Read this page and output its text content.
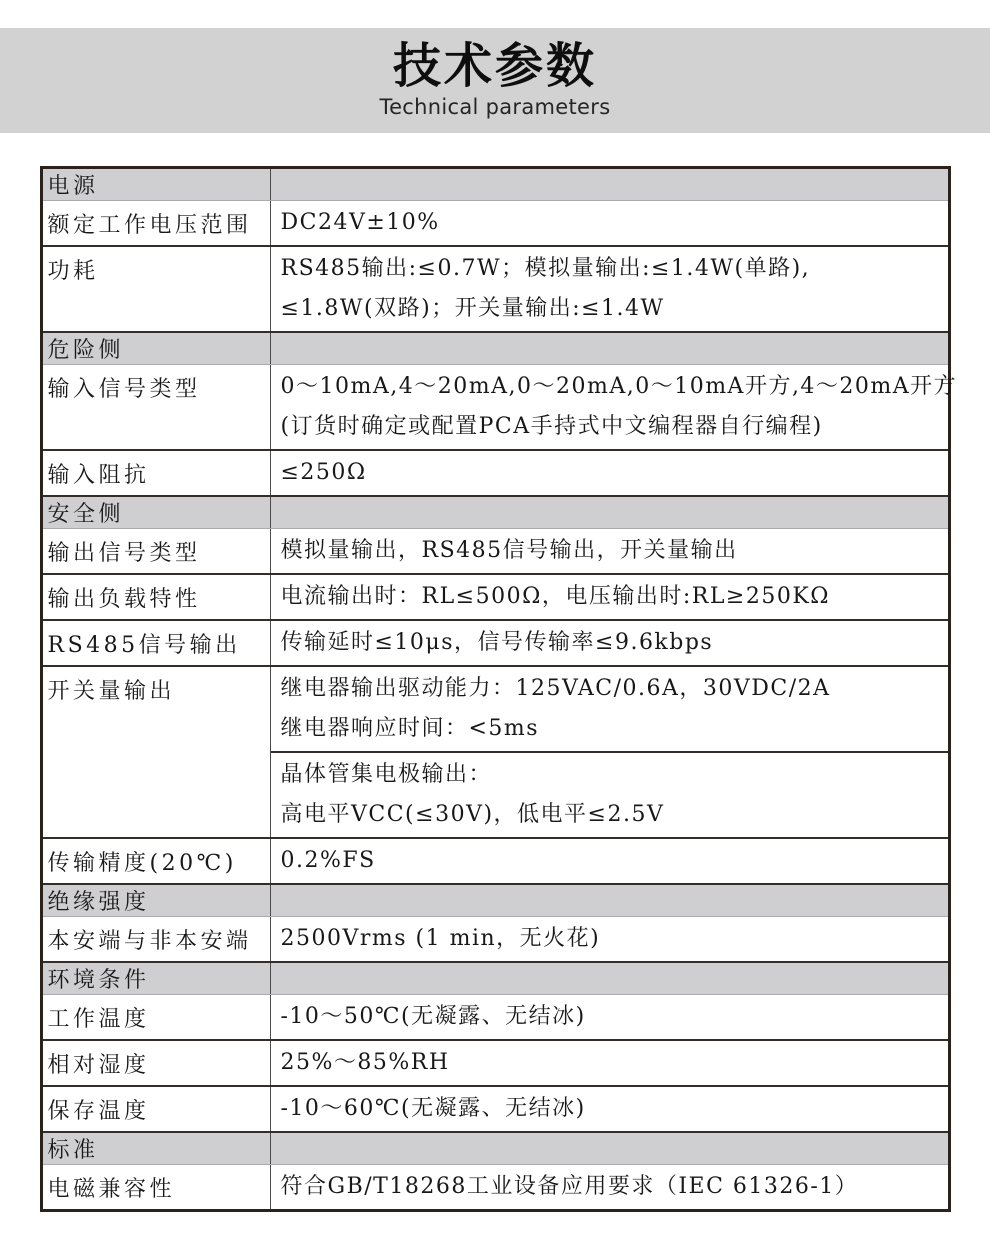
技术参数
Technical parameters
电源
额定工作电压范围	DC24V±10%
功耗	RS485输出:≤0.7W；模拟量输出:≤1.4W(单路),
≤1.8W(双路)；开关量输出:≤1.4W
危险侧
输入信号类型	0～10mA,4～20mA,0～20mA,0～10mA开方,4～20mA开方
(订货时确定或配置PCA手持式中文编程器自行编程)
输入阻抗	≤250Ω
安全侧
输出信号类型	模拟量输出，RS485信号输出，开关量输出
输出负载特性	电流输出时：RL≤500Ω，电压输出时:RL≥250KΩ
RS485信号输出	传输延时≤10μs，信号传输率≤9.6kbps
开关量输出	继电器输出驱动能力：125VAC/0.6A，30VDC/2A
继电器响应时间：<5ms
晶体管集电极输出：
高电平VCC(≤30V)，低电平≤2.5V
传输精度(20℃)	0.2%FS
绝缘强度
本安端与非本安端	2500Vrms (1 min，无火花)
环境条件
工作温度	-10～50℃(无凝露、无结冰)
相对湿度	25%～85%RH
保存温度	-10～60℃(无凝露、无结冰)
标准
电磁兼容性	符合GB/T18268工业设备应用要求（IEC 61326-1）
